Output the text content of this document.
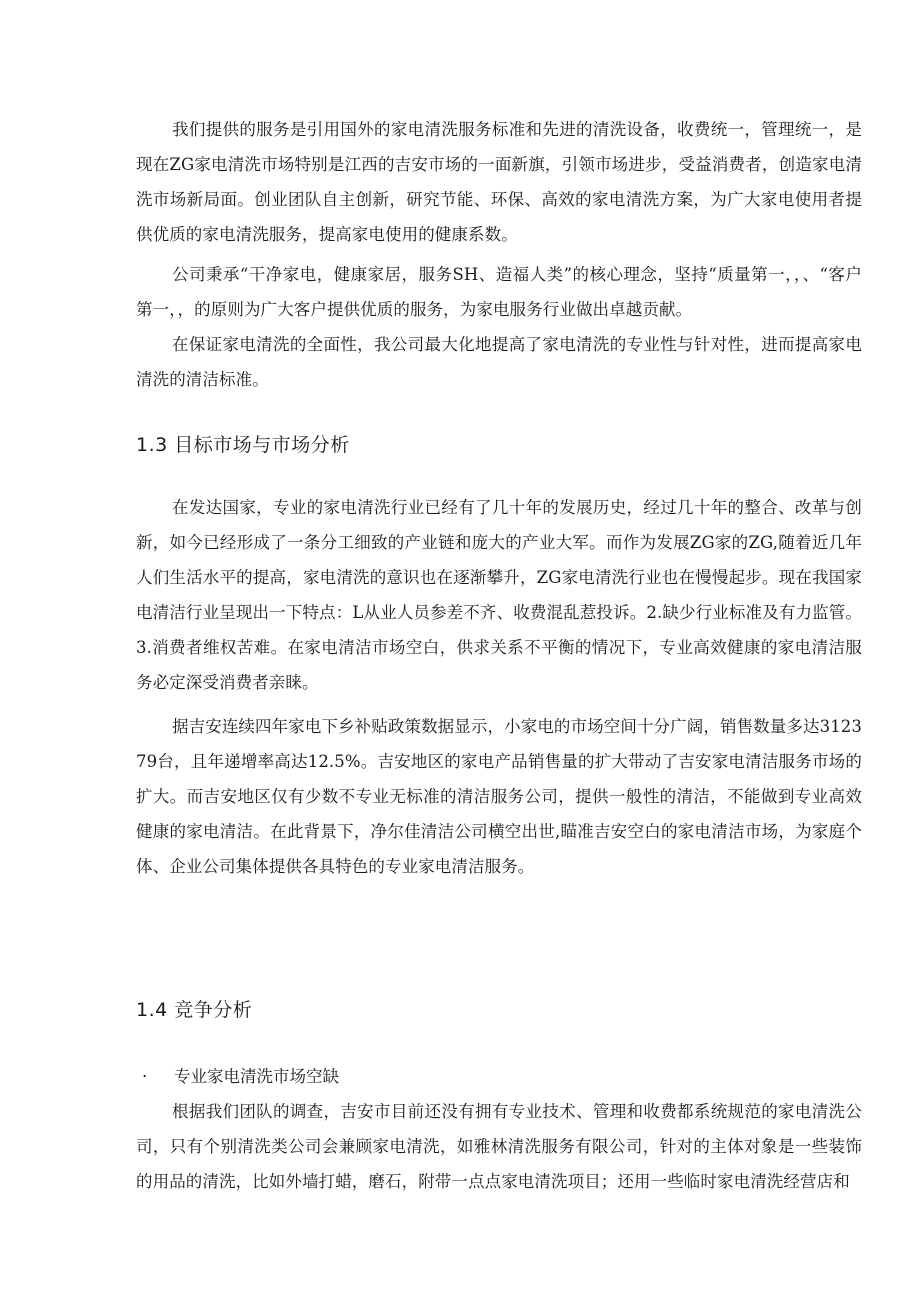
我们提供的服务是引用国外的家电清洗服务标准和先进的清洗设备，收费统一，管理统一，是现在ZG家电清洗市场特别是江西的吉安市场的一面新旗，引领市场进步，受益消费者，创造家电清洗市场新局面。创业团队自主创新，研究节能、环保、高效的家电清洗方案，为广大家电使用者提供优质的家电清洗服务，提高家电使用的健康系数。

公司秉承“干净家电，健康家居，服务SH、造福人类”的核心理念，坚持“质量第一，，、“客户第一，，的原则为广大客户提供优质的服务，为家电服务行业做出卓越贡献。

在保证家电清洗的全面性，我公司最大化地提高了家电清洗的专业性与针对性，进而提高家电清洗的清洁标准。

1.3 目标市场与市场分析

在发达国家，专业的家电清洗行业已经有了几十年的发展历史，经过几十年的整合、改革与创新，如今已经形成了一条分工细致的产业链和庞大的产业大军。而作为发展ZG家的ZG,随着近几年人们生活水平的提高，家电清洗的意识也在逐渐攀升，ZG家电清洗行业也在慢慢起步。现在我国家电清洁行业呈现出一下特点：L从业人员参差不齐、收费混乱惹投诉。2.缺少行业标准及有力监管。3.消费者维权苦难。在家电清洁市场空白，供求关系不平衡的情况下，专业高效健康的家电清洁服务必定深受消费者亲睐。

据吉安连续四年家电下乡补贴政策数据显示，小家电的市场空间十分广阔，销售数量多达312379台，且年递增率高达12.5%。吉安地区的家电产品销售量的扩大带动了吉安家电清洁服务市场的扩大。而吉安地区仅有少数不专业无标准的清洁服务公司，提供一般性的清洁，不能做到专业高效健康的家电清洁。在此背景下，净尔佳清洁公司横空出世,瞄准吉安空白的家电清洁市场，为家庭个体、企业公司集体提供各具特色的专业家电清洁服务。

1.4 竞争分析
·	专业家电清洗市场空缺

根据我们团队的调查，吉安市目前还没有拥有专业技术、管理和收费都系统规范的家电清洗公司，只有个别清洗类公司会兼顾家电清洗，如雅林清洗服务有限公司，针对的主体对象是一些装饰的用品的清洗，比如外墙打蜡，磨石，附带一点点家电清洗项目；还用一些临时家电清洗经营店和
